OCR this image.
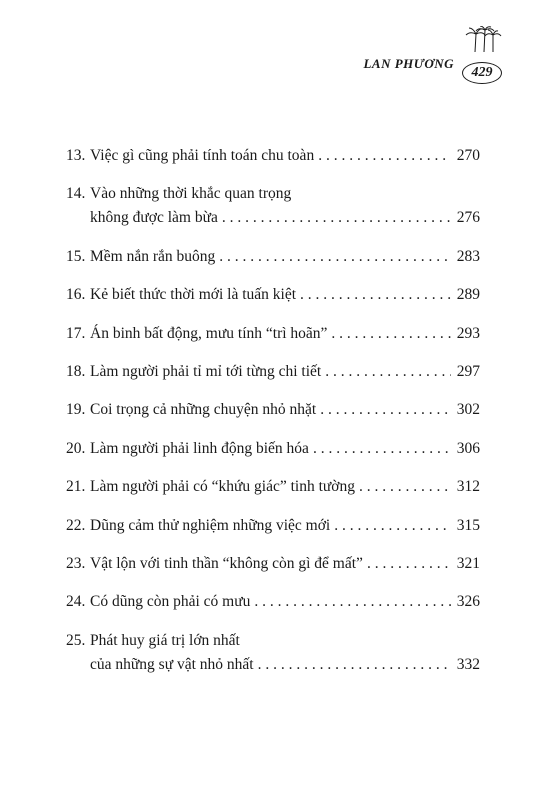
LAN PHƯƠNG
429
13. Việc gì cũng phải tính toán chu toàn . . .	270
14. Vào những thời khắc quan trọng
không được làm bừa . . .	276
15. Mềm nắn rắn buông . . .	283
16. Kẻ biết thức thời mới là tuấn kiệt . . .	289
17. Án binh bất động, mưu tính “trì hoãn” . . .	293
18. Làm người phải tỉ mỉ tới từng chi tiết . . .	297
19. Coi trọng cả những chuyện nhỏ nhặt . . .	302
20. Làm người phải linh động biến hóa . . .	306
21. Làm người phải có “khứu giác” tinh tường . . .	312
22. Dũng cảm thử nghiệm những việc mới . . .	315
23. Vật lộn với tinh thần “không còn gì để mất” . . .	321
24. Có dũng còn phải có mưu . . .	326
25. Phát huy giá trị lớn nhất
của những sự vật nhỏ nhất . . .	332
